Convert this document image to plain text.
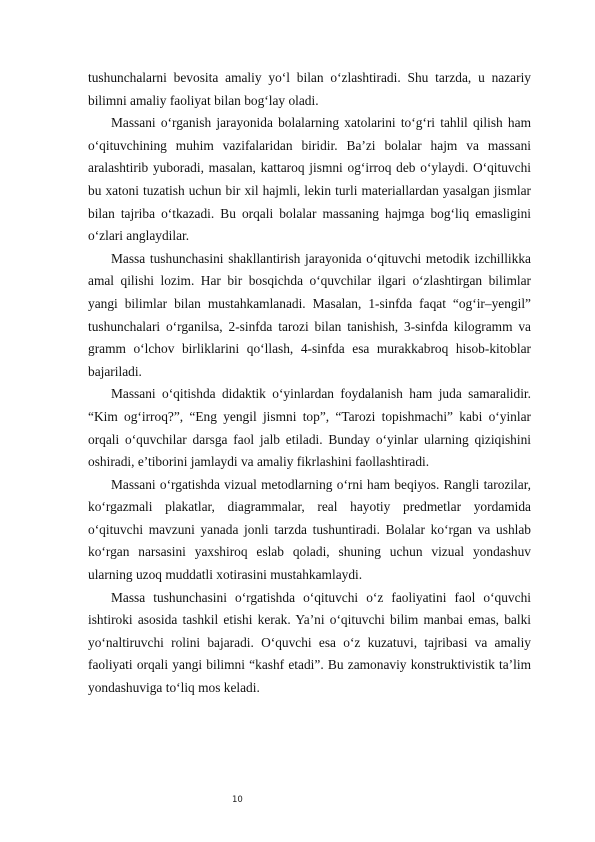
tushunchalarni bevosita amaliy yo‘l bilan o‘zlashtiradi. Shu tarzda, u nazariy bilimni amaliy faoliyat bilan bog‘lay oladi.

Massani o‘rganish jarayonida bolalarning xatolarini to‘g‘ri tahlil qilish ham o‘qituvchining muhim vazifalaridan biridir. Ba’zi bolalar hajm va massani aralashtirib yuboradi, masalan, kattaroq jismni og‘irroq deb o‘ylaydi. O‘qituvchi bu xatoni tuzatish uchun bir xil hajmli, lekin turli materiallardan yasalgan jismlar bilan tajriba o‘tkazadi. Bu orqali bolalar massaning hajmga bog‘liq emasligini o‘zlari anglaydilar.

Massa tushunchasini shakllantirish jarayonida o‘qituvchi metodik izchillikka amal qilishi lozim. Har bir bosqichda o‘quvchilar ilgari o‘zlashtirgan bilimlar yangi bilimlar bilan mustahkamlanadi. Masalan, 1-sinfda faqat “og‘ir–yengil” tushunchalari o‘rganilsa, 2-sinfda tarozi bilan tanishish, 3-sinfda kilogramm va gramm o‘lchov birliklarini qo‘llash, 4-sinfda esa murakkabroq hisob-kitoblar bajariladi.

Massani o‘qitishda didaktik o‘yinlardan foydalanish ham juda samaralidir. “Kim og‘irroq?”, “Eng yengil jismni top”, “Tarozi topishmachi” kabi o‘yinlar orqali o‘quvchilar darsga faol jalb etiladi. Bunday o‘yinlar ularning qiziqishini oshiradi, e’tiborini jamlaydi va amaliy fikrlashini faollashtiradi.

Massani o‘rgatishda vizual metodlarning o‘rni ham beqiyos. Rangli tarozilar, ko‘rgazmali plakatlar, diagrammalar, real hayotiy predmetlar yordamida o‘qituvchi mavzuni yanada jonli tarzda tushuntiradi. Bolalar ko‘rgan va ushlab ko‘rgan narsasini yaxshiroq eslab qoladi, shuning uchun vizual yondashuv ularning uzoq muddatli xotirasini mustahkamlaydi.

Massa tushunchasini o‘rgatishda o‘qituvchi o‘z faoliyatini faol o‘quvchi ishtiroki asosida tashkil etishi kerak. Ya’ni o‘qituvchi bilim manbai emas, balki yo‘naltiruvchi rolini bajaradi. O‘quvchi esa o‘z kuzatuvi, tajribasi va amaliy faoliyati orqali yangi bilimni “kashf etadi”. Bu zamonaviy konstruktivistik ta’lim yondashuviga to‘liq mos keladi.

10
